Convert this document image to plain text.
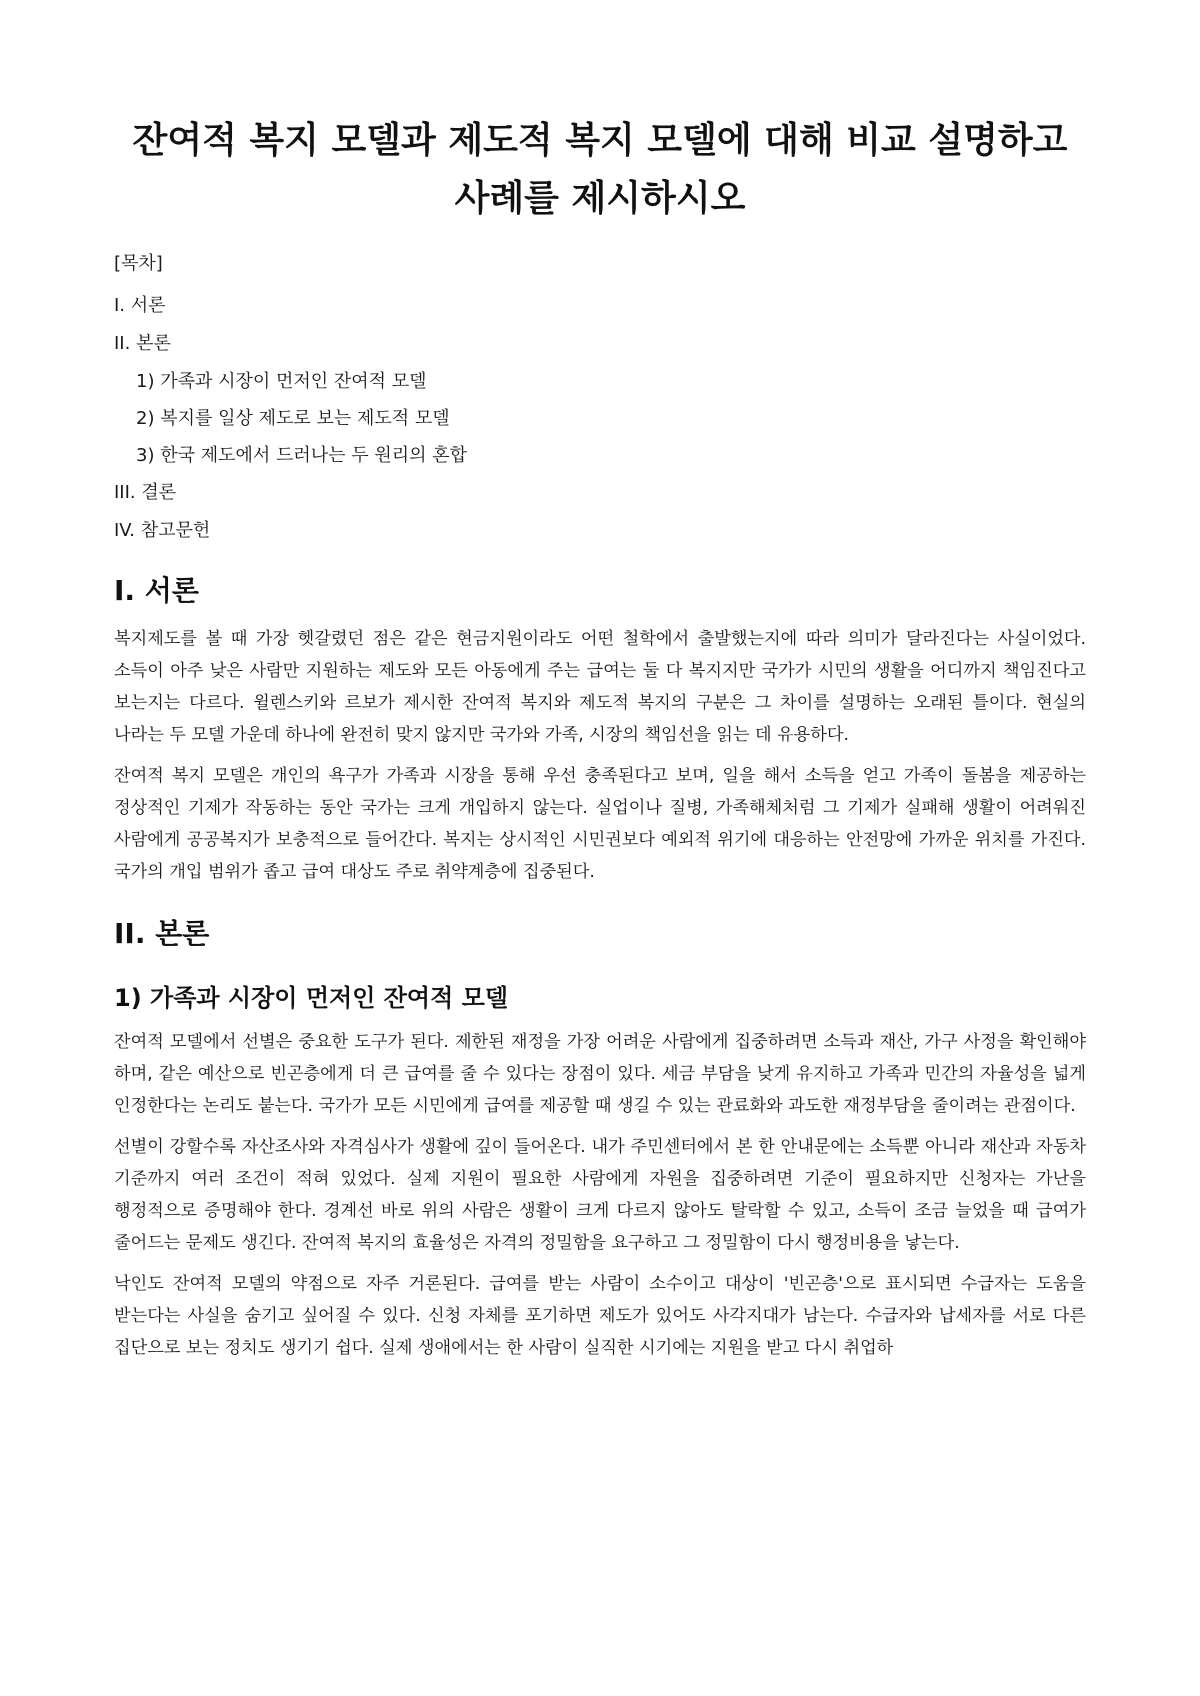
잔여적 복지 모델과 제도적 복지 모델에 대해 비교 설명하고 사례를 제시하시오
[목차]
I. 서론
II. 본론
1) 가족과 시장이 먼저인 잔여적 모델
2) 복지를 일상 제도로 보는 제도적 모델
3) 한국 제도에서 드러나는 두 원리의 혼합
III. 결론
IV. 참고문헌
I. 서론

복지제도를 볼 때 가장 헷갈렸던 점은 같은 현금지원이라도 어떤 철학에서 출발했는지에 따라 의미가 달라진다는 사실이었다. 소득이 아주 낮은 사람만 지원하는 제도와 모든 아동에게 주는 급여는 둘 다 복지지만 국가가 시민의 생활을 어디까지 책임진다고 보는지는 다르다. 윌렌스키와 르보가 제시한 잔여적 복지와 제도적 복지의 구분은 그 차이를 설명하는 오래된 틀이다. 현실의 나라는 두 모델 가운데 하나에 완전히 맞지 않지만 국가와 가족, 시장의 책임선을 읽는 데 유용하다.

잔여적 복지 모델은 개인의 욕구가 가족과 시장을 통해 우선 충족된다고 보며, 일을 해서 소득을 얻고 가족이 돌봄을 제공하는 정상적인 기제가 작동하는 동안 국가는 크게 개입하지 않는다. 실업이나 질병, 가족해체처럼 그 기제가 실패해 생활이 어려워진 사람에게 공공복지가 보충적으로 들어간다. 복지는 상시적인 시민권보다 예외적 위기에 대응하는 안전망에 가까운 위치를 가진다. 국가의 개입 범위가 좁고 급여 대상도 주로 취약계층에 집중된다.

II. 본론
1) 가족과 시장이 먼저인 잔여적 모델

잔여적 모델에서 선별은 중요한 도구가 된다. 제한된 재정을 가장 어려운 사람에게 집중하려면 소득과 재산, 가구 사정을 확인해야 하며, 같은 예산으로 빈곤층에게 더 큰 급여를 줄 수 있다는 장점이 있다. 세금 부담을 낮게 유지하고 가족과 민간의 자율성을 넓게 인정한다는 논리도 붙는다. 국가가 모든 시민에게 급여를 제공할 때 생길 수 있는 관료화와 과도한 재정부담을 줄이려는 관점이다.

선별이 강할수록 자산조사와 자격심사가 생활에 깊이 들어온다. 내가 주민센터에서 본 한 안내문에는 소득뿐 아니라 재산과 자동차 기준까지 여러 조건이 적혀 있었다. 실제 지원이 필요한 사람에게 자원을 집중하려면 기준이 필요하지만 신청자는 가난을 행정적으로 증명해야 한다. 경계선 바로 위의 사람은 생활이 크게 다르지 않아도 탈락할 수 있고, 소득이 조금 늘었을 때 급여가 줄어드는 문제도 생긴다. 잔여적 복지의 효율성은 자격의 정밀함을 요구하고 그 정밀함이 다시 행정비용을 낳는다.

낙인도 잔여적 모델의 약점으로 자주 거론된다. 급여를 받는 사람이 소수이고 대상이 '빈곤층'으로 표시되면 수급자는 도움을 받는다는 사실을 숨기고 싶어질 수 있다. 신청 자체를 포기하면 제도가 있어도 사각지대가 남는다. 수급자와 납세자를 서로 다른 집단으로 보는 정치도 생기기 쉽다. 실제 생애에서는 한 사람이 실직한 시기에는 지원을 받고 다시 취업하
